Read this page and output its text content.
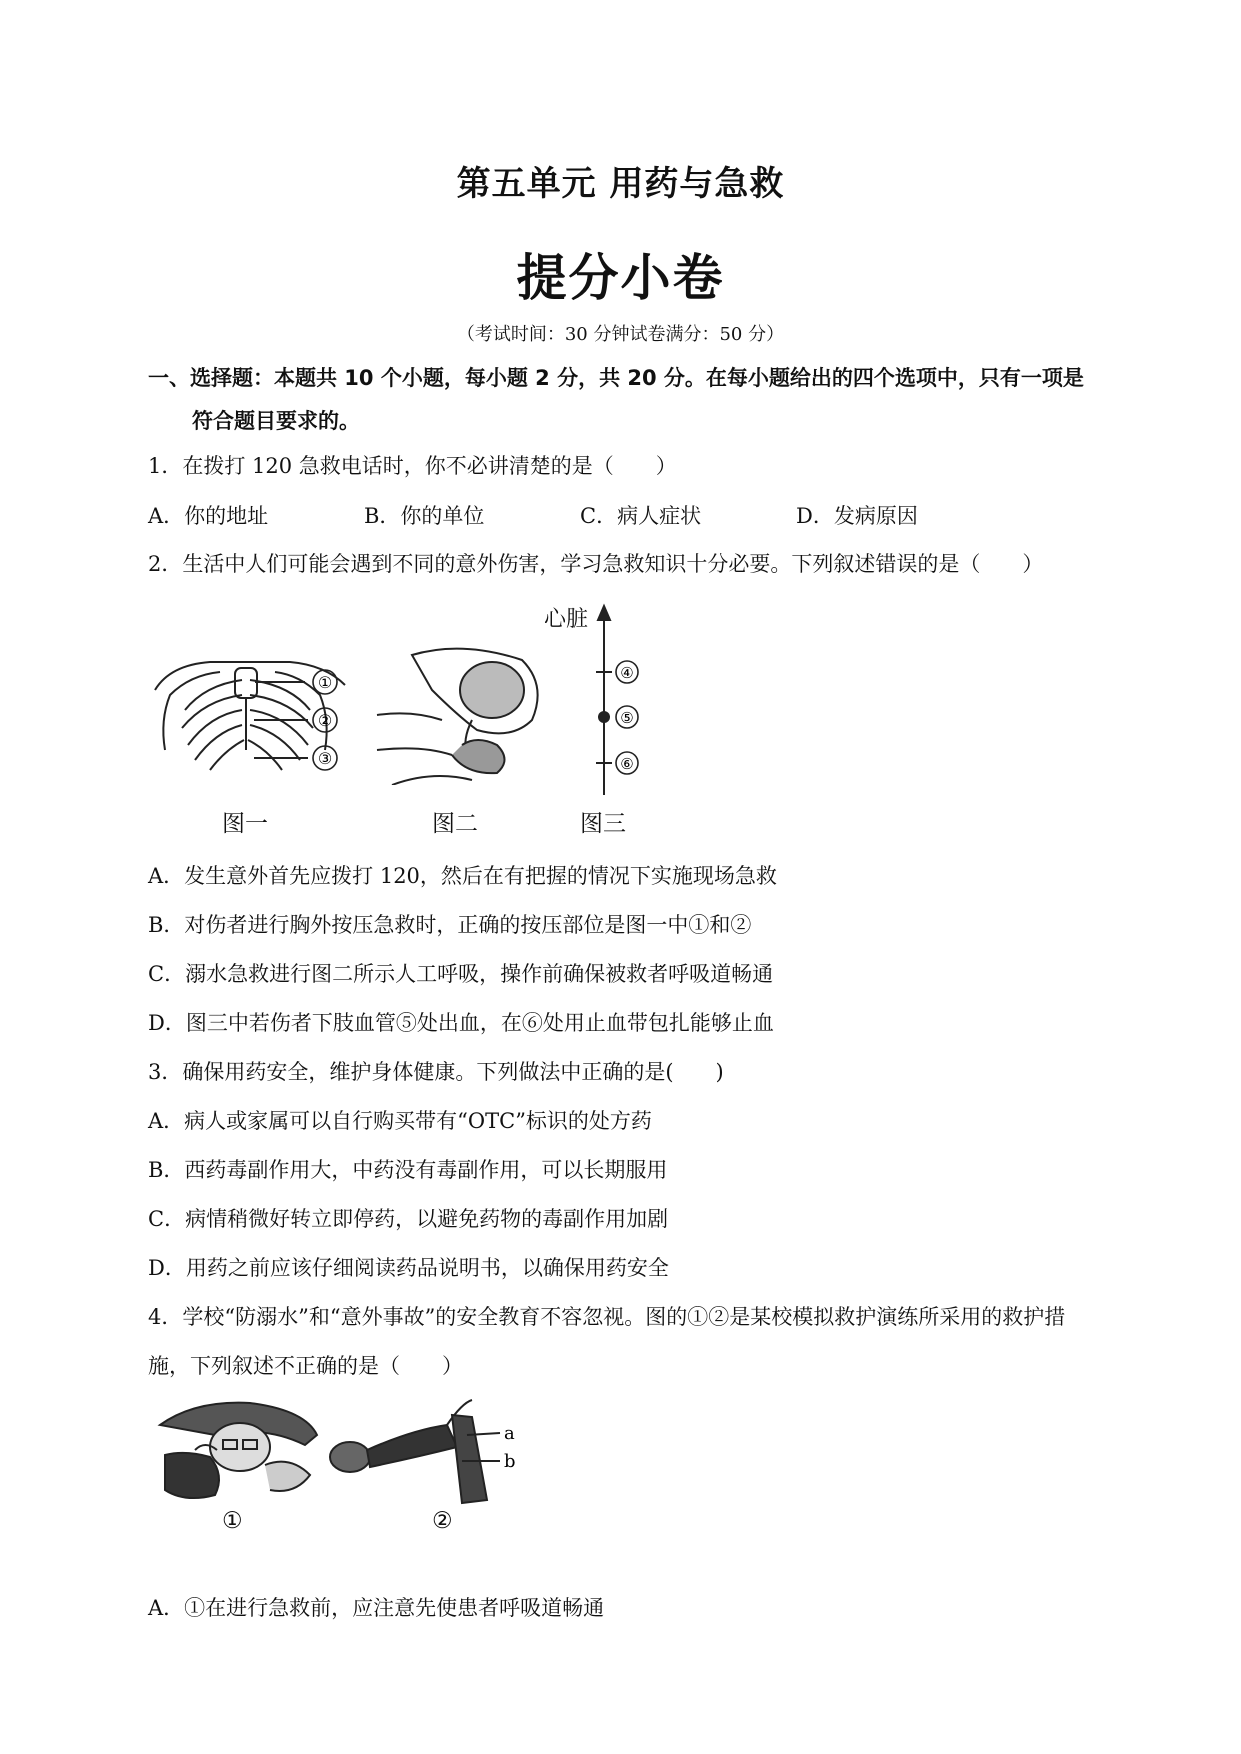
第五单元 用药与急救
提分小卷
（考试时间：30 分钟试卷满分：50 分）
一、选择题：本题共 10 个小题，每小题 2 分，共 20 分。在每小题给出的四个选项中，只有一项是
符合题目要求的。
1．在拨打 120 急救电话时，你不必讲清楚的是（　　）
A．你的地址	B．你的单位	C．病人症状	D．发病原因
2．生活中人们可能会遇到不同的意外伤害，学习急救知识十分必要。下列叙述错误的是（　　）
①
②
③
图一	图二
心脏
④
⑤
⑥
图三
A．发生意外首先应拨打 120，然后在有把握的情况下实施现场急救
B．对伤者进行胸外按压急救时，正确的按压部位是图一中①和②
C．溺水急救进行图二所示人工呼吸，操作前确保被救者呼吸道畅通
D．图三中若伤者下肢血管⑤处出血，在⑥处用止血带包扎能够止血
3．确保用药安全，维护身体健康。下列做法中正确的是(　　)
A．病人或家属可以自行购买带有“OTC”标识的处方药
B．西药毒副作用大，中药没有毒副作用，可以长期服用
C．病情稍微好转立即停药，以避免药物的毒副作用加剧
D．用药之前应该仔细阅读药品说明书，以确保用药安全
4．学校“防溺水”和“意外事故”的安全教育不容忽视。图的①②是某校模拟救护演练所采用的救护措
施，下列叙述不正确的是（　　）
①
a
b
②
A．①在进行急救前，应注意先使患者呼吸道畅通
